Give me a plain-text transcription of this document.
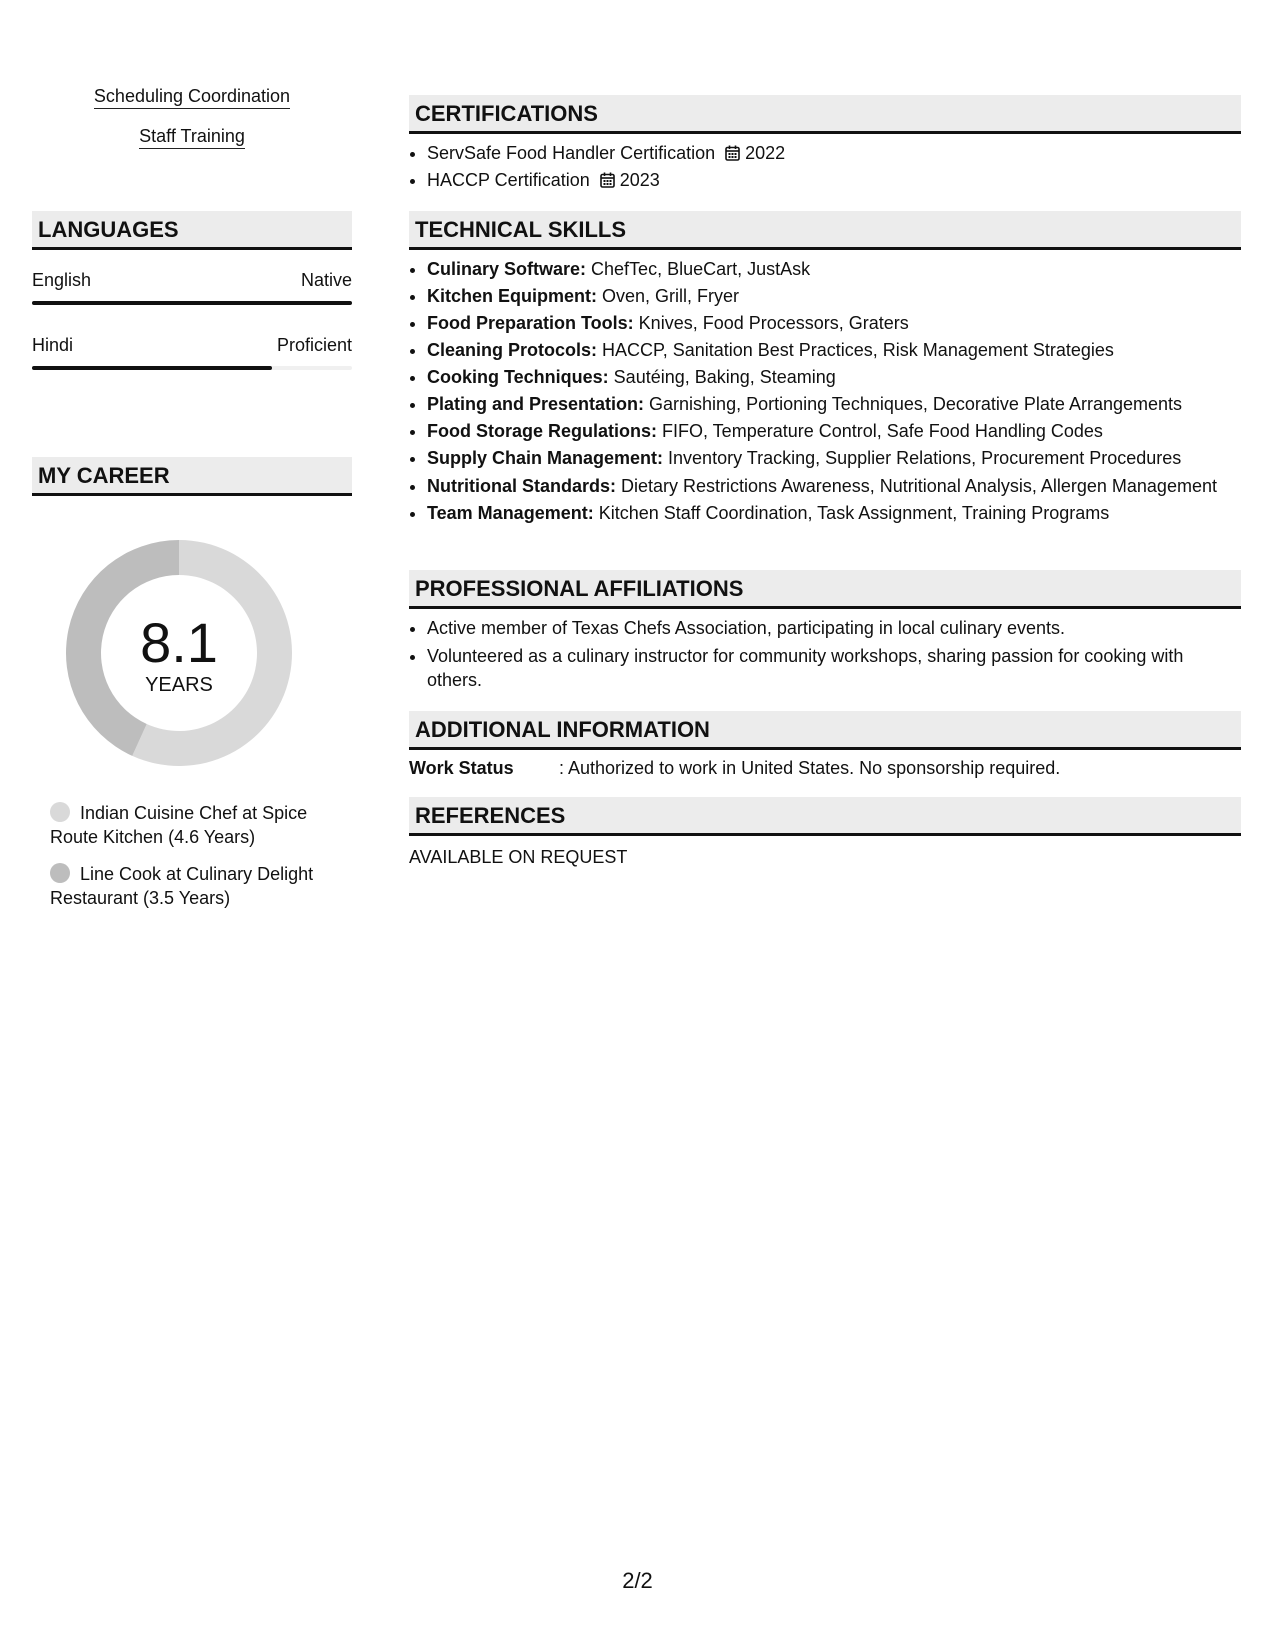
Scheduling Coordination
Staff Training
LANGUAGES
English	Native
Hindi	Proficient
MY CAREER
8.1
YEARS
Indian Cuisine Chef at Spice Route Kitchen (4.6 Years)
Line Cook at Culinary Delight Restaurant (3.5 Years)
CERTIFICATIONS
• ServSafe Food Handler Certification 2022
• HACCP Certification 2023
TECHNICAL SKILLS
• Culinary Software: ChefTec, BlueCart, JustAsk
• Kitchen Equipment: Oven, Grill, Fryer
• Food Preparation Tools: Knives, Food Processors, Graters
• Cleaning Protocols: HACCP, Sanitation Best Practices, Risk Management Strategies
• Cooking Techniques: Sautéing, Baking, Steaming
• Plating and Presentation: Garnishing, Portioning Techniques, Decorative Plate Arrangements
• Food Storage Regulations: FIFO, Temperature Control, Safe Food Handling Codes
• Supply Chain Management: Inventory Tracking, Supplier Relations, Procurement Procedures
• Nutritional Standards: Dietary Restrictions Awareness, Nutritional Analysis, Allergen Management
• Team Management: Kitchen Staff Coordination, Task Assignment, Training Programs
PROFESSIONAL AFFILIATIONS
• Active member of Texas Chefs Association, participating in local culinary events.
• Volunteered as a culinary instructor for community workshops, sharing passion for cooking with others.
ADDITIONAL INFORMATION
Work Status	: Authorized to work in United States. No sponsorship required.
REFERENCES
AVAILABLE ON REQUEST
2/2
